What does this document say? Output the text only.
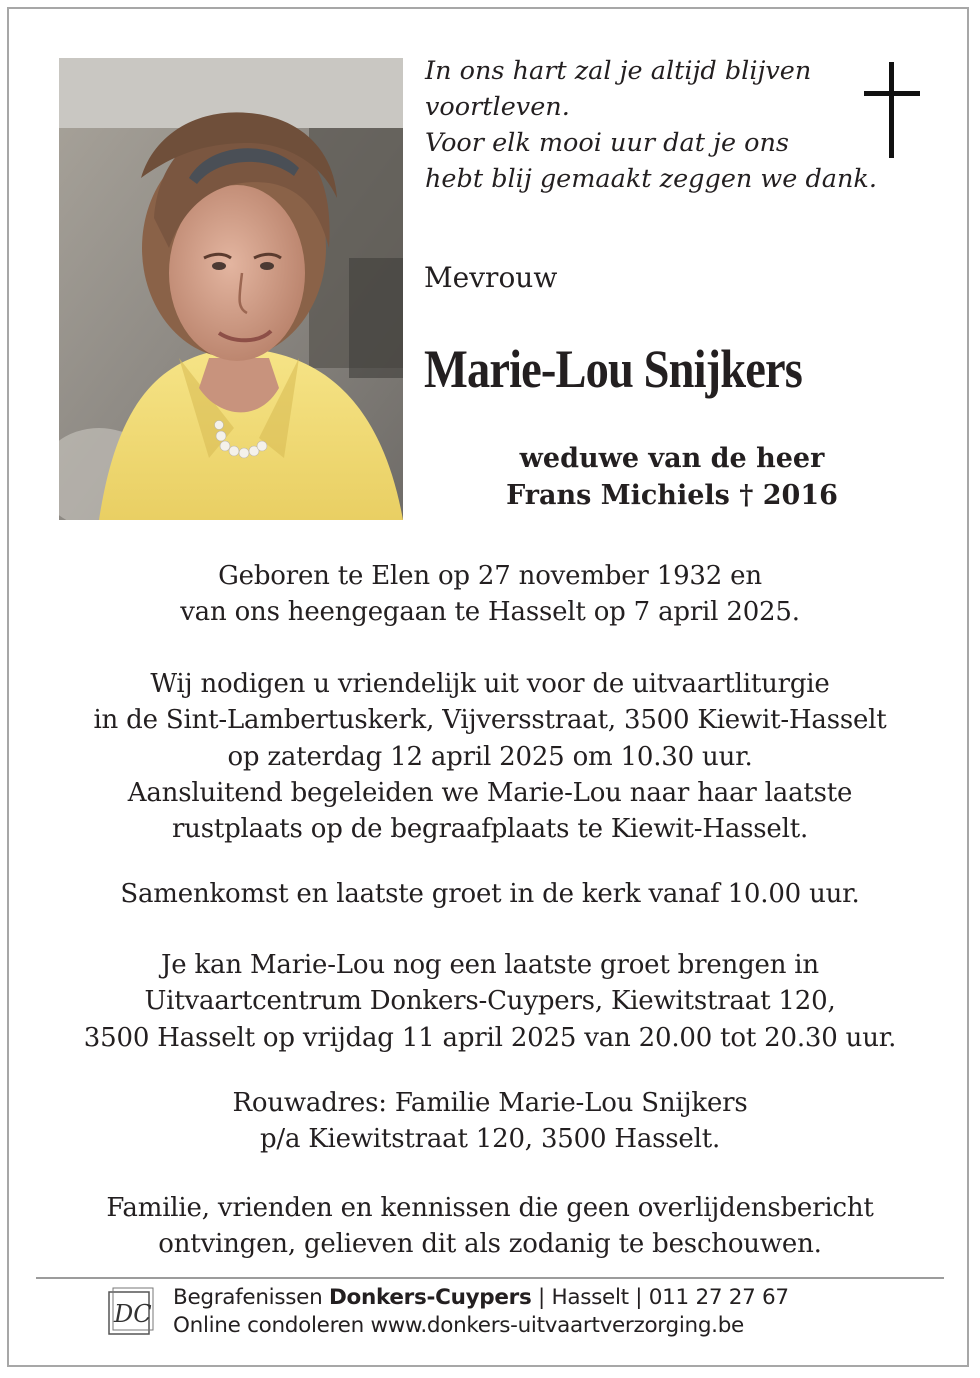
In ons hart zal je altijd blijven
voortleven.
Voor elk mooi uur dat je ons
hebt blij gemaakt zeggen we dank.
Mevrouw
Marie-Lou Snijkers
weduwe van de heer
Frans Michiels † 2016
Geboren te Elen op 27 november 1932 en
van ons heengegaan te Hasselt op 7 april 2025.
Wij nodigen u vriendelijk uit voor de uitvaartliturgie
in de Sint-Lambertuskerk, Vijversstraat, 3500 Kiewit-Hasselt
op zaterdag 12 april 2025 om 10.30 uur.
Aansluitend begeleiden we Marie-Lou naar haar laatste
rustplaats op de begraafplaats te Kiewit-Hasselt.
Samenkomst en laatste groet in de kerk vanaf 10.00 uur.
Je kan Marie-Lou nog een laatste groet brengen in
Uitvaartcentrum Donkers-Cuypers, Kiewitstraat 120,
3500 Hasselt op vrijdag 11 april 2025 van 20.00 tot 20.30 uur.
Rouwadres: Familie Marie-Lou Snijkers
p/a Kiewitstraat 120, 3500 Hasselt.
Familie, vrienden en kennissen die geen overlijdensbericht
ontvingen, gelieven dit als zodanig te beschouwen.
DC
Begrafenissen Donkers-Cuypers | Hasselt | 011 27 27 67
Online condoleren www.donkers-uitvaartverzorging.be
